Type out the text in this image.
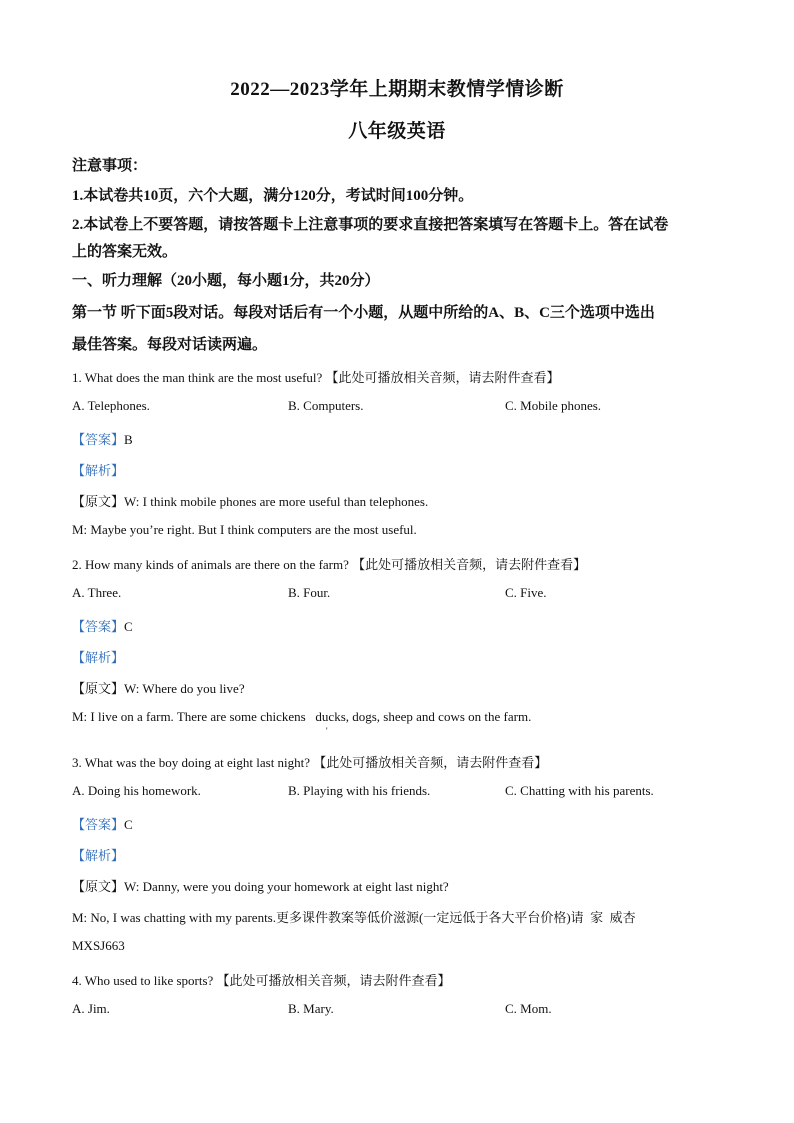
2022—2023学年上期期末教情学情诊断
八年级英语
注意事项：
1.本试卷共10页，六个大题，满分120分，考试时间100分钟。
2.本试卷上不要答题，请按答题卡上注意事项的要求直接把答案填写在答题卡上。答在试卷
上的答案无效。
一、听力理解（20小题，每小题1分，共20分）
第一节 听下面5段对话。每段对话后有一个小题，从题中所给的A、B、C三个选项中选出
最佳答案。每段对话读两遍。
1. What does the man think are the most useful? 【此处可播放相关音频，请去附件查看】
A. Telephones.	B. Computers.	C. Mobile phones.
【答案】B
【解析】
【原文】W: I think mobile phones are more useful than telephones.
M: Maybe you’re right. But I think computers are the most useful.
2. How many kinds of animals are there on the farm? 【此处可播放相关音频，请去附件查看】
A. Three.	B. Four.	C. Five.
【答案】C
【解析】
【原文】W: Where do you live?
M: I live on a farm. There are some chickens   ducks, dogs, sheep and cows on the farm.
'
3. What was the boy doing at eight last night? 【此处可播放相关音频，请去附件查看】
A. Doing his homework.	B. Playing with his friends.	C. Chatting with his parents.
【答案】C
【解析】
【原文】W: Danny, were you doing your homework at eight last night?
M: No, I was chatting with my parents.更多课件教案等低价滋源(一定远低于各大平台价格)请  家  威杏
MXSJ663
4. Who used to like sports? 【此处可播放相关音频，请去附件查看】
A. Jim.	B. Mary.	C. Mom.
